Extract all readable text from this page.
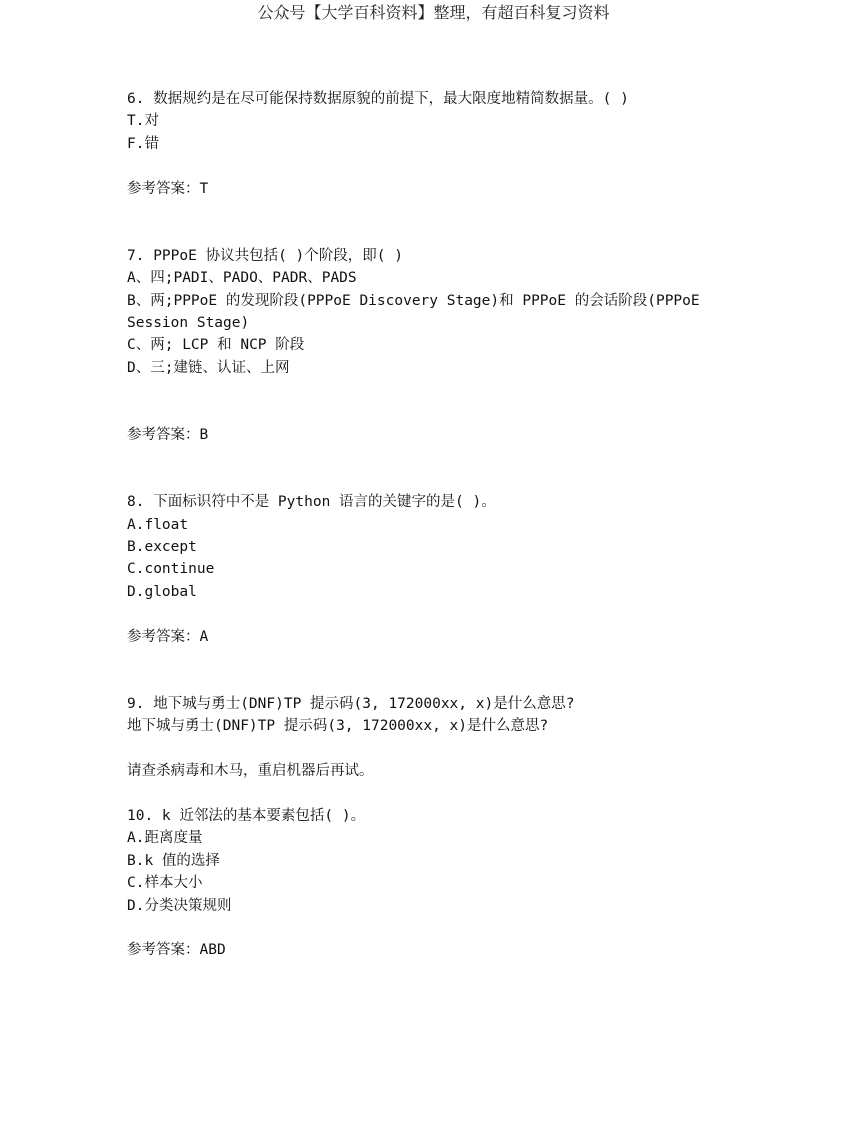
公众号【大学百科资料】整理，有超百科复习资料
6. 数据规约是在尽可能保持数据原貌的前提下，最大限度地精简数据量。( )
T.对
F.错
参考答案：T
7. PPPoE 协议共包括( )个阶段，即( )
A、四;PADI、PADO、PADR、PADS
B、两;PPPoE 的发现阶段(PPPoE Discovery Stage)和 PPPoE 的会话阶段(PPPoE
Session Stage)
C、两; LCP 和 NCP 阶段
D、三;建链、认证、上网
参考答案：B
8. 下面标识符中不是 Python 语言的关键字的是( )。
A.float
B.except
C.continue
D.global
参考答案：A
9. 地下城与勇士(DNF)TP 提示码(3, 172000xx, x)是什么意思?
地下城与勇士(DNF)TP 提示码(3, 172000xx, x)是什么意思?
请查杀病毒和木马，重启机器后再试。
10. k 近邻法的基本要素包括( )。
A.距离度量
B.k 值的选择
C.样本大小
D.分类决策规则
参考答案：ABD
